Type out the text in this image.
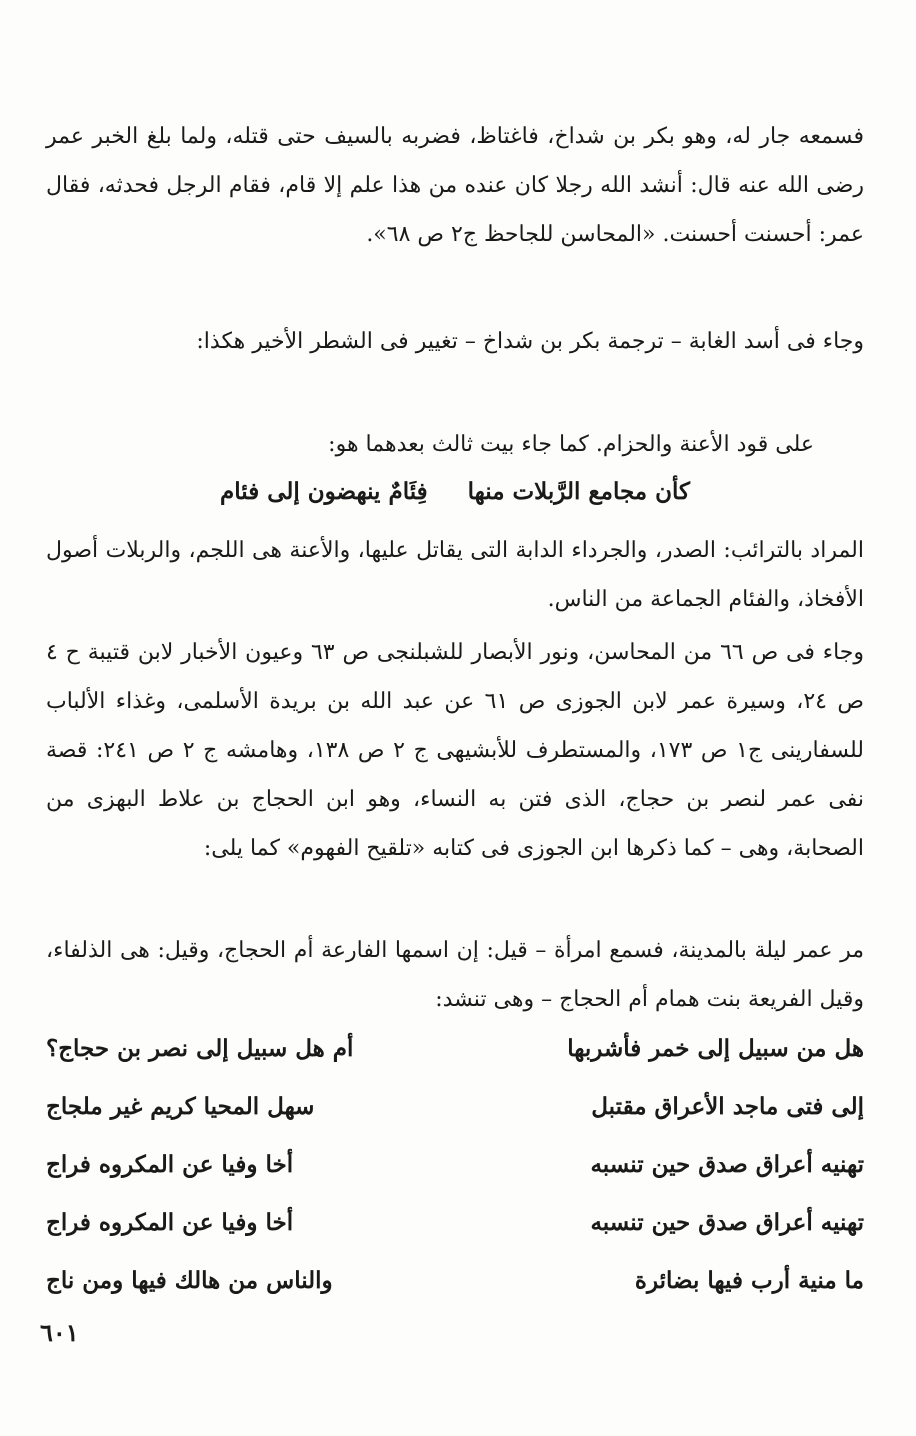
فسمعه جار له، وهو بكر بن شداخ، فاغتاظ، فضربه بالسيف حتى قتله، ولما بلغ الخبر عمر رضى الله عنه قال: أنشد الله رجلا كان عنده من هذا علم إلا قام، فقام الرجل فحدثه، فقال عمر: أحسنت أحسنت. «المحاسن للجاحظ ج٢ ص ٦٨».

وجاء فى أسد الغابة – ترجمة بكر بن شداخ – تغيير فى الشطر الأخير هكذا:

على قود الأعنة والحزام. كما جاء بيت ثالث بعدهما هو:

كأن مجامع الرَّبلات منها
فِئَامٌ ينهضون إلى فئام

المراد بالترائب: الصدر، والجرداء الدابة التى يقاتل عليها، والأعنة هى اللجم، والربلات أصول الأفخاذ، والفئام الجماعة من الناس.

وجاء فى ص ٦٦ من المحاسن، ونور الأبصار للشبلنجى ص ٦٣ وعيون الأخبار لابن قتيبة ح ٤ ص ٢٤، وسيرة عمر لابن الجوزى ص ٦١ عن عبد الله بن بريدة الأسلمى، وغذاء الألباب للسفارينى ج١ ص ١٧٣، والمستطرف للأبشيهى ج ٢ ص ١٣٨، وهامشه ج ٢ ص ٢٤١: قصة نفى عمر لنصر بن حجاج، الذى فتن به النساء، وهو ابن الحجاج بن علاط البهزى من الصحابة، وهى – كما ذكرها ابن الجوزى فى كتابه «تلقيح الفهوم» كما يلى:

مر عمر ليلة بالمدينة، فسمع امرأة – قيل: إن اسمها الفارعة أم الحجاج، وقيل: هى الذلفاء، وقيل الفريعة بنت همام أم الحجاج – وهى تنشد:

هل من سبيل إلى خمر فأشربها
أم هل سبيل إلى نصر بن حجاج؟
إلى فتى ماجد الأعراق مقتبل
سهل المحيا كريم غير ملجاج
تهنيه أعراق صدق حين تنسبه
أخا وفيا عن المكروه فراج
تهنيه أعراق صدق حين تنسبه
أخا وفيا عن المكروه فراج
ما منية أرب فيها بضائرة
والناس من هالك فيها ومن ناج
٦٠١
